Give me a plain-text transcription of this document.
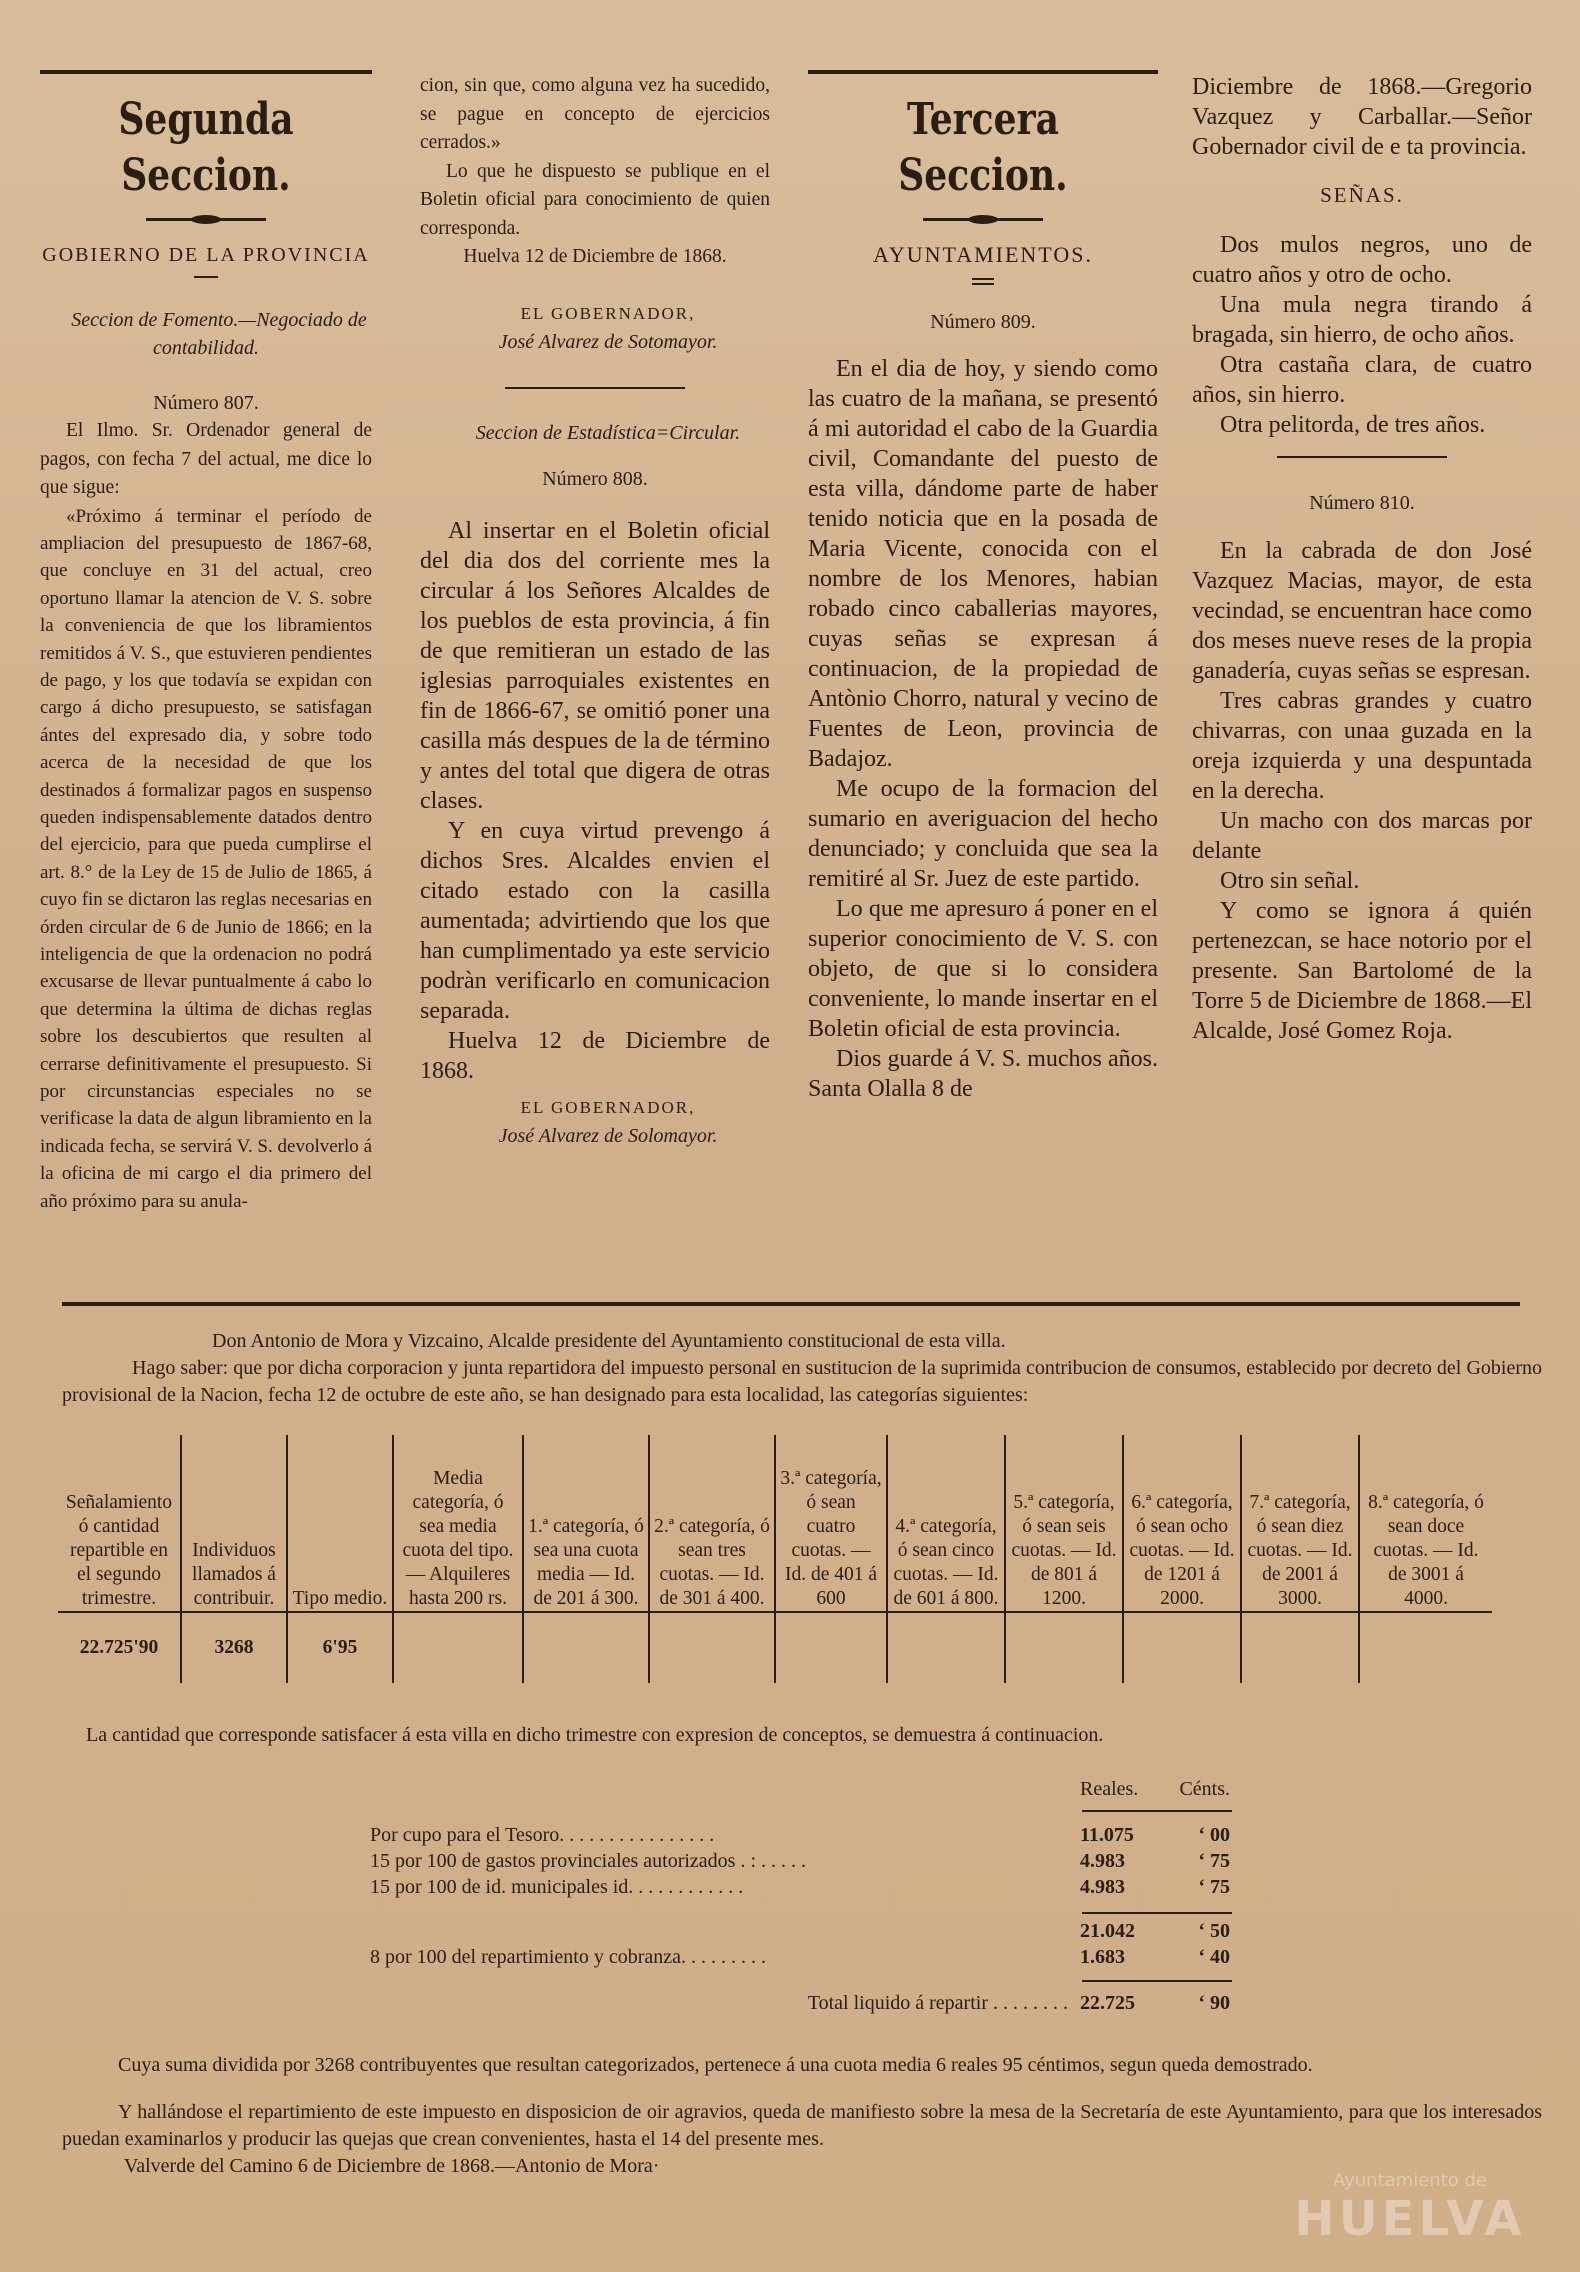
Segunda Seccion.
GOBIERNO DE LA PROVINCIA

Seccion de Fomento.—Negociado de contabilidad.

Número 807.

El Ilmo. Sr. Ordenador general de pagos, con fecha 7 del actual, me dice lo que sigue:

«Próximo á terminar el período de ampliacion del presupuesto de 1867-68, que concluye en 31 del actual, creo oportuno llamar la atencion de V. S. sobre la conveniencia de que los libramientos remitidos á V. S., que estuvieren pendientes de pago, y los que todavía se expidan con cargo á dicho presupuesto, se satisfagan ántes del expresado dia, y sobre todo acerca de la necesidad de que los destinados á formalizar pagos en suspenso queden indispensablemente datados dentro del ejercicio, para que pueda cumplirse el art. 8.° de la Ley de 15 de Julio de 1865, á cuyo fin se dictaron las reglas necesarias en órden circular de 6 de Junio de 1866; en la inteligencia de que la ordenacion no podrá excusarse de llevar puntualmente á cabo lo que determina la última de dichas reglas sobre los descubiertos que resulten al cerrarse definitivamente el presupuesto. Si por circunstancias especiales no se verificase la data de algun libramiento en la indicada fecha, se servirá V. S. devolverlo á la oficina de mi cargo el dia primero del año próximo para su anula-

cion, sin que, como alguna vez ha sucedido, se pague en concepto de ejercicios cerrados.»

Lo que he dispuesto se publique en el Boletin oficial para conocimiento de quien corresponda.

Huelva 12 de Diciembre de 1868.

EL GOBERNADOR,

José Alvarez de Sotomayor.

Seccion de Estadística=Circular.

Número 808.

Al insertar en el Boletin oficial del dia dos del corriente mes la circular á los Señores Alcaldes de los pueblos de esta provincia, á fin de que remitieran un estado de las iglesias parroquiales existentes en fin de 1866-67, se omitió poner una casilla más despues de la de término y antes del total que digera de otras clases.

Y en cuya virtud prevengo á dichos Sres. Alcaldes envien el citado estado con la casilla aumentada; advirtiendo que los que han cumplimentado ya este servicio podràn verificarlo en comunicacion separada.

Huelva 12 de Diciembre de 1868.

EL GOBERNADOR,

José Alvarez de Solomayor.

Tercera Seccion.
AYUNTAMIENTOS.

Número 809.

En el dia de hoy, y siendo como las cuatro de la mañana, se presentó á mi autoridad el cabo de la Guardia civil, Comandante del puesto de esta villa, dándome parte de haber tenido noticia que en la posada de Maria Vicente, conocida con el nombre de los Menores, habian robado cinco caballerias mayores, cuyas señas se expresan á continuacion, de la propiedad de Antònio Chorro, natural y vecino de Fuentes de Leon, provincia de Badajoz.

Me ocupo de la formacion del sumario en averiguacion del hecho denunciado; y concluida que sea la remitiré al Sr. Juez de este partido.

Lo que me apresuro á poner en el superior conocimiento de V. S. con objeto, de que si lo considera conveniente, lo mande insertar en el Boletin oficial de esta provincia.

Dios guarde á V. S. muchos años. Santa Olalla 8 de

Diciembre de 1868.—Gregorio Vazquez y Carballar.—Señor Gobernador civil de e ta provincia.

SEÑAS.

Dos mulos negros, uno de cuatro años y otro de ocho.

Una mula negra tirando á bragada, sin hierro, de ocho años.

Otra castaña clara, de cuatro años, sin hierro.

Otra pelitorda, de tres años.

Número 810.

En la cabrada de don José Vazquez Macias, mayor, de esta vecindad, se encuentran hace como dos meses nueve reses de la propia ganadería, cuyas señas se espresan.

Tres cabras grandes y cuatro chivarras, con unaa guzada en la oreja izquierda y una despuntada en la derecha.

Un macho con dos marcas por delante

Otro sin señal.

Y como se ignora á quién pertenezcan, se hace notorio por el presente. San Bartolomé de la Torre 5 de Diciembre de 1868.—El Alcalde, José Gomez Roja.

Don Antonio de Mora y Vizcaino, Alcalde presidente del Ayuntamiento constitucional de esta villa.

Hago saber: que por dicha corporacion y junta repartidora del impuesto personal en sustitucion de la suprimida contribucion de consumos, establecido por decreto del Gobierno provisional de la Nacion, fecha 12 de octubre de este año, se han designado para esta localidad, las categorías siguientes:

Señalamiento ó cantidad repartible en el segundo trimestre.	Individuos llamados á contribuir.	Tipo medio.	Media categoría, ó sea media cuota del tipo. — Alquileres hasta 200 rs.	1.ª categoría, ó sea una cuota media — Id. de 201 á 300.	2.ª categoría, ó sean tres cuotas. — Id. de 301 á 400.	3.ª categoría, ó sean cuatro cuotas. — Id. de 401 á 600	4.ª categoría, ó sean cinco cuotas. — Id. de 601 á 800.	5.ª categoría, ó sean seis cuotas. — Id. de 801 á 1200.	6.ª categoría, ó sean ocho cuotas. — Id. de 1201 á 2000.	7.ª categoría, ó sean diez cuotas. — Id. de 2001 á 3000.	8.ª categoría, ó sean doce cuotas. — Id. de 3001 á 4000.
22.725'90	3268	6'95									

La cantidad que corresponde satisfacer á esta villa en dicho trimestre con expresion de conceptos, se demuestra á continuacion.

Reales. Cénts.
Por cupo para el Tesoro. . . . . . . . . . . . . . . .	11.075	‘ 00
15 por 100 de gastos provinciales autorizados . : . . . . .	4.983	‘ 75
15 por 100 de id. municipales id. . . . . . . . . . . .	4.983	‘ 75
21.042	‘ 50
8 por 100 del repartimiento y cobranza. . . . . . . . .	1.683	‘ 40
Total liquido á repartir . . . . . . . . 22.725	‘ 90

Cuya suma dividida por 3268 contribuyentes que resultan categorizados, pertenece á una cuota media 6 reales 95 céntimos, segun queda demostrado.

Y hallándose el repartimiento de este impuesto en disposicion de oir agravios, queda de manifiesto sobre la mesa de la Secretaría de este Ayuntamiento, para que los interesados puedan examinarlos y producir las quejas que crean convenientes, hasta el 14 del presente mes.

Valverde del Camino 6 de Diciembre de 1868.—Antonio de Mora·

Ayuntamiento de
HUELVA
